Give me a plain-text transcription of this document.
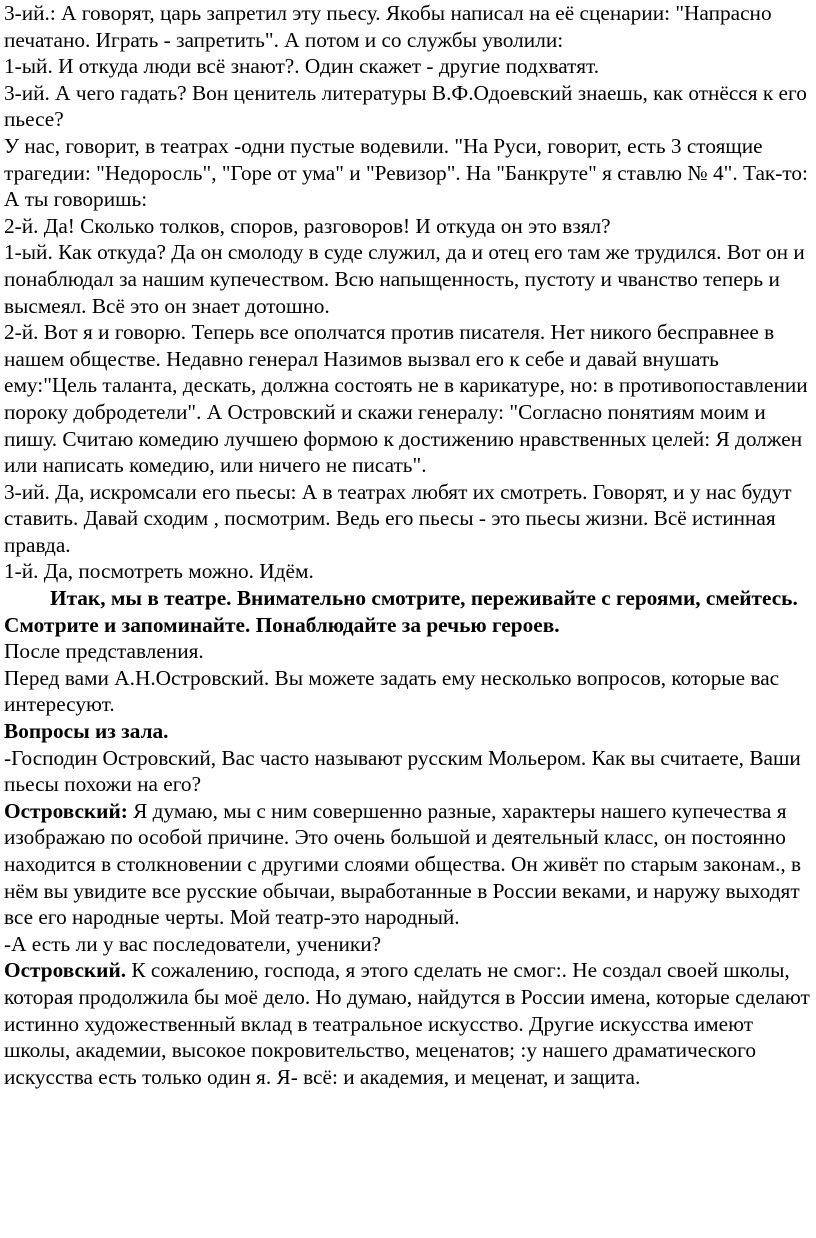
3-ий.: А говорят, царь запретил эту пьесу. Якобы написал на её сценарии: "Напрасно печатано. Играть - запретить". А потом и со службы уволили:

1-ый. И откуда люди всё знают?. Один скажет - другие подхватят.

3-ий. А чего гадать? Вон ценитель литературы В.Ф.Одоевский знаешь, как отнёсся к его пьесе?

У нас, говорит, в театрах -одни пустые водевили. "На Руси, говорит, есть 3 стоящие трагедии: "Недоросль", "Горе от ума" и "Ревизор". На "Банкруте" я ставлю № 4". Так-то: А ты говоришь:

2-й. Да! Сколько толков, споров, разговоров! И откуда он это взял?

1-ый. Как откуда? Да он смолоду в суде служил, да и отец его там же трудился. Вот он и понаблюдал за нашим купечеством. Всю напыщенность, пустоту и чванство теперь и высмеял. Всё это он знает дотошно.

2-й. Вот я и говорю. Теперь все ополчатся против писателя. Нет никого бесправнее в нашем обществе. Недавно генерал Назимов вызвал его к себе и давай внушать ему:"Цель таланта, дескать, должна состоять не в карикатуре, но: в противопоставлении пороку добродетели". А Островский и скажи генералу: "Согласно понятиям моим и пишу. Считаю комедию лучшею формою к достижению нравственных целей: Я должен или написать комедию, или ничего не писать".

3-ий. Да, искромсали его пьесы: А в театрах любят их смотреть. Говорят, и у нас будут ставить. Давай сходим , посмотрим. Ведь его пьесы - это пьесы жизни. Всё истинная правда.

1-й. Да, посмотреть можно. Идём.

Итак, мы в театре. Внимательно смотрите, переживайте с героями, смейтесь. Смотрите и запоминайте. Понаблюдайте за речью героев.

После представления.

Перед вами А.Н.Островский. Вы можете задать ему несколько вопросов, которые вас интересуют.

Вопросы из зала.

-Господин Островский, Вас часто называют русским Мольером. Как вы считаете, Ваши пьесы похожи на его?

Островский: Я думаю, мы с ним совершенно разные, характеры нашего купечества я изображаю по особой причине. Это очень большой и деятельный класс, он постоянно находится в столкновении с другими слоями общества. Он живёт по старым законам., в нём вы увидите все русские обычаи, выработанные в России веками, и наружу выходят все его народные черты. Мой театр-это народный.

-А есть ли у вас последователи, ученики?

Островский. К сожалению, господа, я этого сделать не смог:. Не создал своей школы, которая продолжила бы моё дело. Но думаю, найдутся в России имена, которые сделают истинно художественный вклад в театральное искусство. Другие искусства имеют школы, академии, высокое покровительство, меценатов; :у нашего драматического искусства есть только один я. Я- всё: и академия, и меценат, и защита.
